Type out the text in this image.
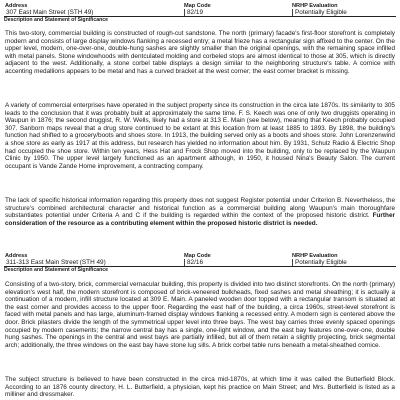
Address	Map Code	NRHP Evaluation
307 East Main Street (STH 49)	82/19	Potentially Eligible
Description and Statement of Significance

This two-story, commercial building is constructed of rough-cut sandstone. The north (primary) facade's first-floor storefront is completely modern and consists of large display windows flanking a recessed entry; a metal frieze has a rectangular sign affixed to the center. On the upper level, modern, one-over-one, double-hung sashes are slightly smaller than the original openings, with the remaining space infilled with metal panels. Stone windowhoods with dentculated molding and corbeled stops are almost identical to those at 305, which is directly adjacent to the west. Additionally, a stone corbel table displays a design similar to the neighboring structure's table. A cornice with accenting medallions appears to be metal and has a curved bracket at the west corner; the east corner bracket is missing.

A variety of commercial enterprises have operated in the subject property since its construction in the circa late 1870s. Its similarity to 305 leads to the conclusion that it was probably built at approximately the same time. F. S. Keech was one of only two druggists operating in Waupun in 1876; the second druggist, R. W. Wells, likely had a store at 313 E. Main (see below), meaning that Keech probably occupied 307. Sanborn maps reveal that a drug store continued to be extant at this location from at least 1885 to 1893. By 1898, the building's function had shifted to a grocery/boots and shoes store. In 1913, the building served only as a boots and shoes store. John Lorenzenwind a shoe store as early as 1917 at this address, but research has yielded no information about him. By 1931, Schulz Radio & Electric Shop had occupied the shoe store. Within ten years, Hess Hat and Frock Shop moved into the building, only to be replaced by the Waupun Clinic by 1950. The upper level largely functioned as an apartment although, in 1950, it housed Nina's Beauty Salon. The current occupant is Vande Zande Home improvement, a contracting company.

The lack of specific historical information regarding this property does not suggest Register potential under Criterion B. Nevertheless, the structure's combined architectural character and historical function as a commercial building along Waupun's main thoroughfare substantiates potential under Criteria A and C if the building is regarded within the context of the proposed historic district. Further consideration of the resource as a contributing element within the proposed historic district is needed.

Address	Map Code	NRHP Evaluation
311-313 East Main Street (STH 49)	82/16	Potentially Eligible
Description and Statement of Significance

Consisting of a two-story, brick, commercial vernacular building, this property is divided into two distinct storefronts. On the north (primary) elevation's west half, the modern storefront is composed of brick-veneered bulkheads, fixed sashes and metal sheathing; it is actually a continuation of a modern, infill structure located at 309 E. Main. A paneled wooden door topped with a rectangular transom is situated at the east corner and provides access to the upper floor. Regarding the east half of the building, a circa 1960s, street-level storefront is faced with metal panels and has large, aluminum-framed display windows flanking a recessed entry. A modern sign is centered above the door. Brick pilasters divide the length of the symmetrical upper level into three bays. The west bay carries three evenly spaced openings occupied by modern casements; the narrow central bay has a single, one-light window, and the east bay features one-over-one, double hung sashes. The openings in the central and west bays are partially infilled, but all of them retain a slightly projecting, brick segmental arch; additionally, the three windows on the east bay have stone lug sills. A brick corbel table runs beneath a metal-sheathed cornice.

The subject structure is believed to have been constructed in the circa mid-1870s, at which time it was called the Butterfield Block. According to an 1876 county directory, H. L. Butterfield, a physician, kept his practice on Main Street; and Mrs. Butterfield is listed as a milliner and dressmaker.
